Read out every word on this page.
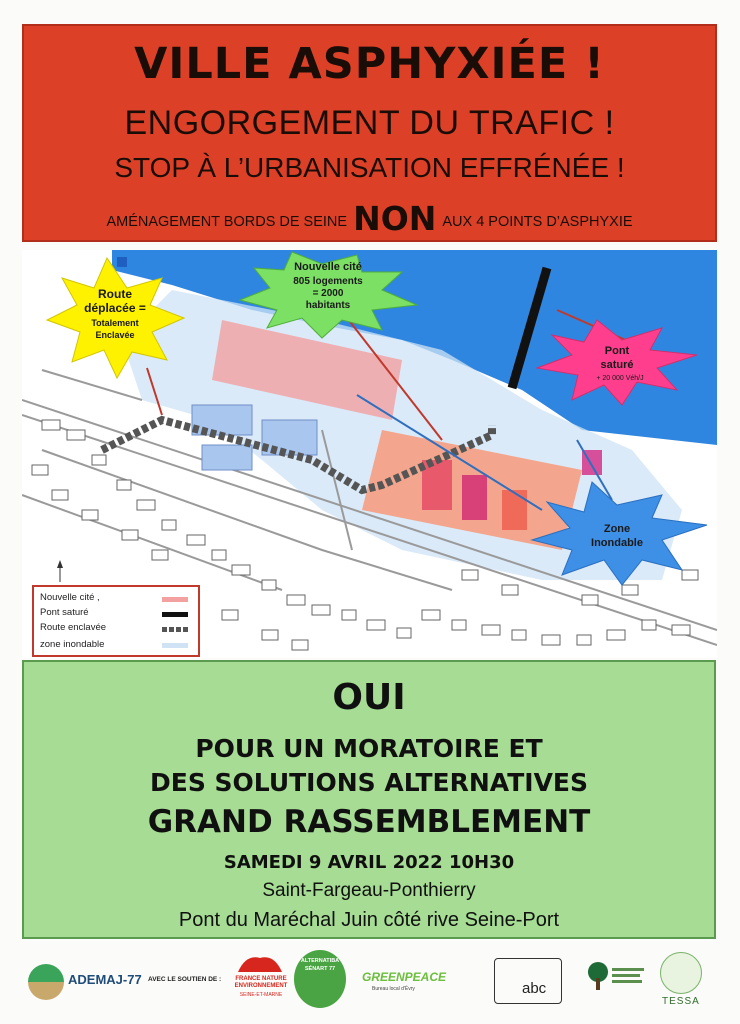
VILLE ASPHYXIÉE !
ENGORGEMENT DU TRAFIC !
STOP À L’URBANISATION EFFRÉNÉE !
AMÉNAGEMENT BORDS DE SEINE NON AUX 4 POINTS D’ASPHYXIE
Route
déplacée =
Totalement
Enclavée
Nouvelle cité
805 logements
= 2000
habitants
Pont
saturé
+ 20 000 Véh/J
Zone
Inondable
Nouvelle cité ,
Pont saturé
Route enclavée
zone inondable
OUI
POUR UN MORATOIRE ET
DES SOLUTIONS ALTERNATIVES
GRAND RASSEMBLEMENT
SAMEDI 9 AVRIL 2022 10H30
Saint-Fargeau-Ponthierry
Pont du Maréchal Juin côté rive Seine-Port
ADEMAJ-77 AVEC LE SOUTIEN DE :	FRANCE NATURE ENVIRONNEMENT
SEINE-ET-MARNE
ALTERNATIBA
SÉNART 77
GREENPEACE
Bureau local d'Évry	abc
TESSA
